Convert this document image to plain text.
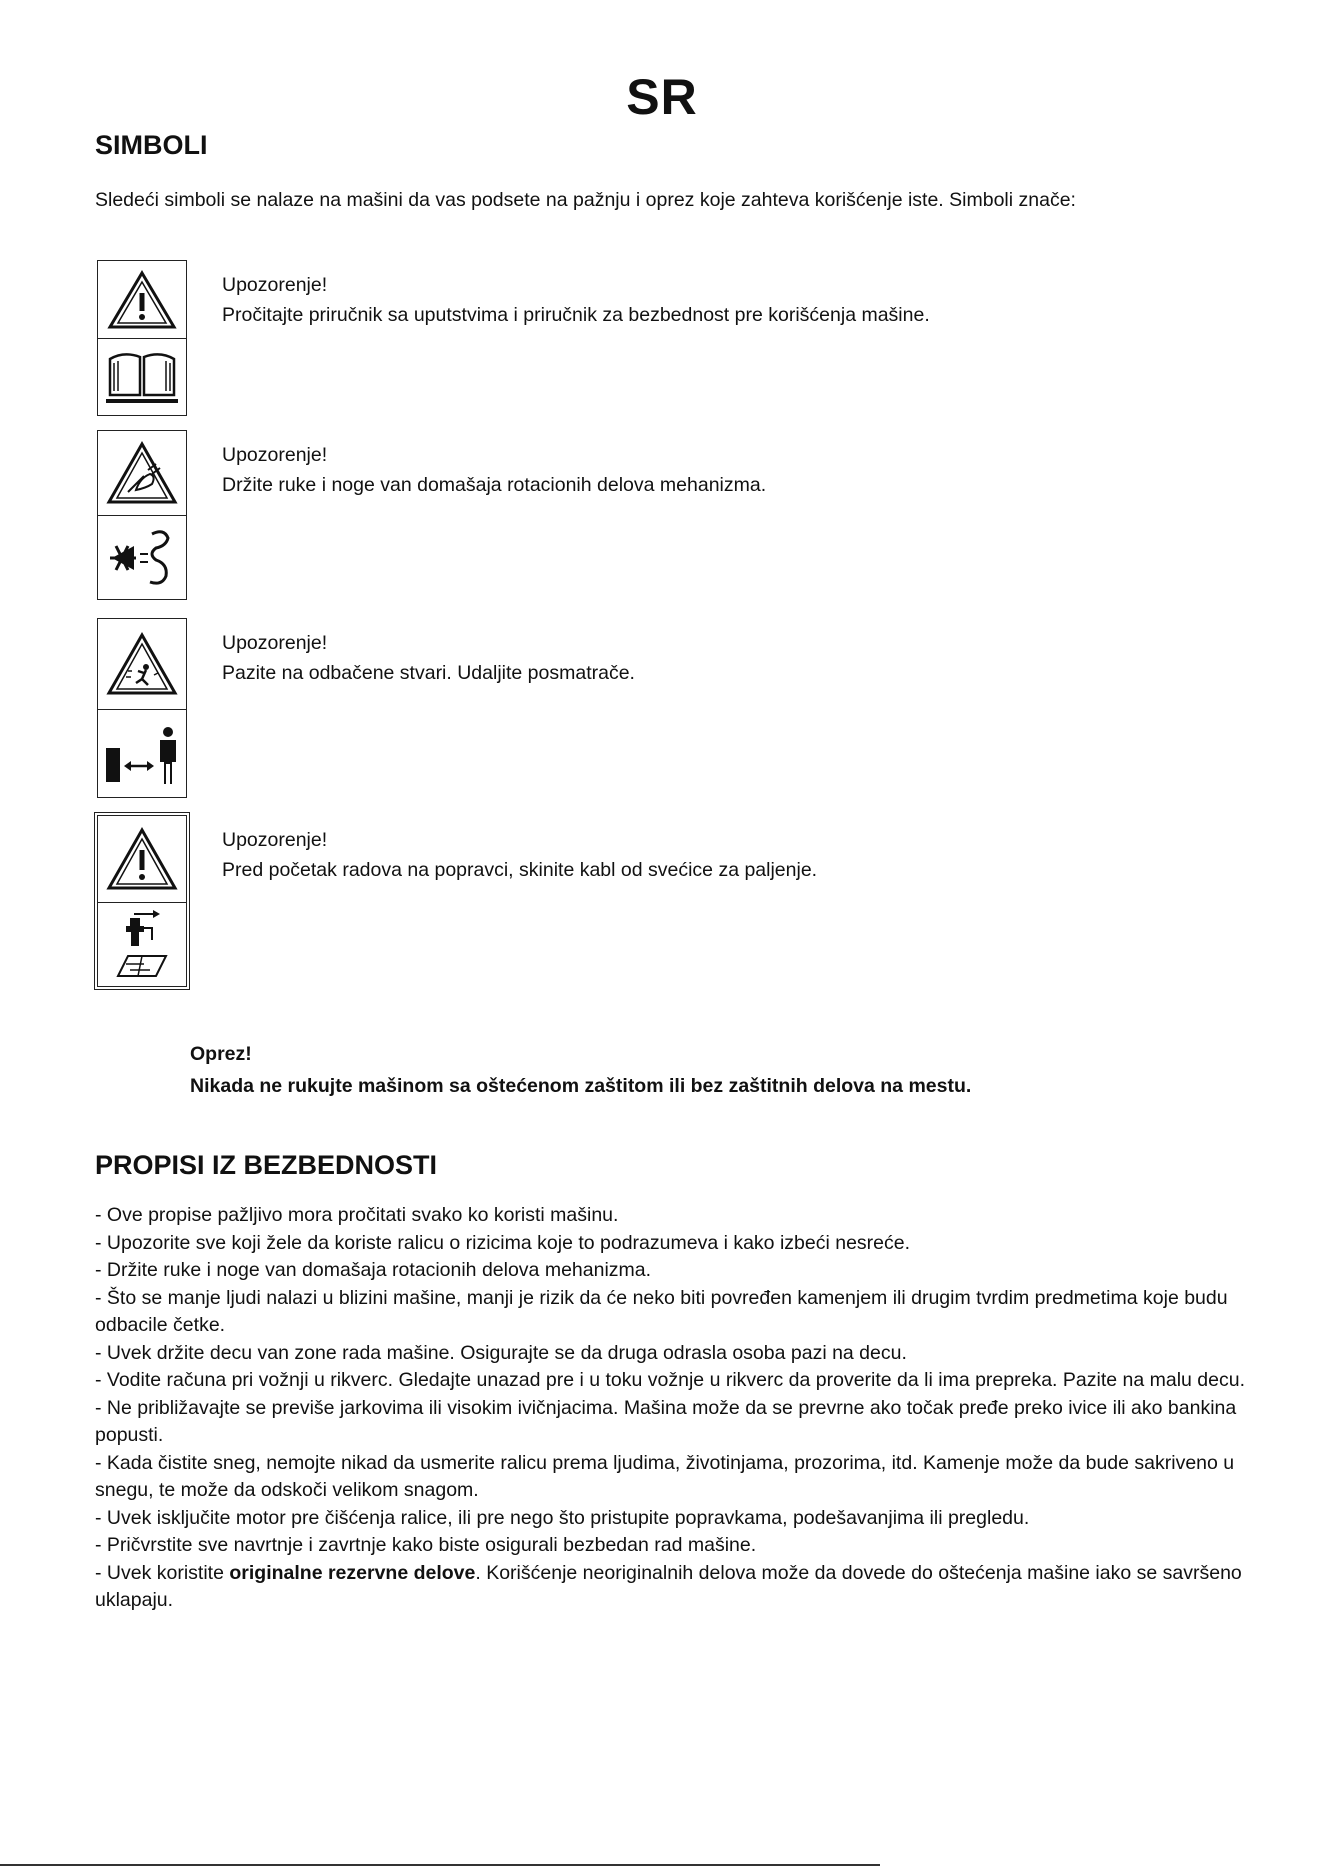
SR
SIMBOLI
Sledeći simboli se nalaze na mašini da vas podsete na pažnju i oprez koje zahteva korišćenje iste. Simboli znače:
Upozorenje!
Pročitajte priručnik sa uputstvima i priručnik za bezbednost pre korišćenja mašine.
Upozorenje!
Držite ruke i noge van domašaja rotacionih delova mehanizma.
Upozorenje!
Pazite na odbačene stvari. Udaljite posmatrače.
Upozorenje!
Pred početak radova na popravci, skinite kabl od svećice za paljenje.
Oprez!
Nikada ne rukujte mašinom sa oštećenom zaštitom ili bez zaštitnih delova na mestu.
PROPISI IZ BEZBEDNOSTI
- Ove propise pažljivo mora pročitati svako ko koristi mašinu.
- Upozorite sve koji žele da koriste ralicu o rizicima koje to podrazumeva i kako izbeći nesreće.
- Držite ruke i noge van domašaja rotacionih delova mehanizma.
- Što se manje ljudi nalazi u blizini mašine, manji je rizik da će neko biti povređen kamenjem ili drugim tvrdim predmetima koje budu odbacile četke.
- Uvek držite decu van zone rada mašine. Osigurajte se da druga odrasla osoba pazi na decu.
- Vodite računa pri vožnji u rikverc. Gledajte unazad pre i u toku vožnje u rikverc da proverite da li ima prepreka. Pazite na malu decu.
- Ne približavajte se previše jarkovima ili visokim ivičnjacima. Mašina može da se prevrne ako točak pređe preko ivice ili ako bankina popusti.
- Kada čistite sneg, nemojte nikad da usmerite ralicu prema ljudima, životinjama, prozorima, itd. Kamenje može da bude sakriveno u snegu, te može da odskoči velikom snagom.
- Uvek isključite motor pre čišćenja ralice, ili pre nego što pristupite popravkama, podešavanjima ili pregledu.
- Pričvrstite sve navrtnje i zavrtnje kako biste osigurali bezbedan rad mašine.
- Uvek koristite originalne rezervne delove. Korišćenje neoriginalnih delova može da dovede do oštećenja mašine iako se savršeno uklapaju.
